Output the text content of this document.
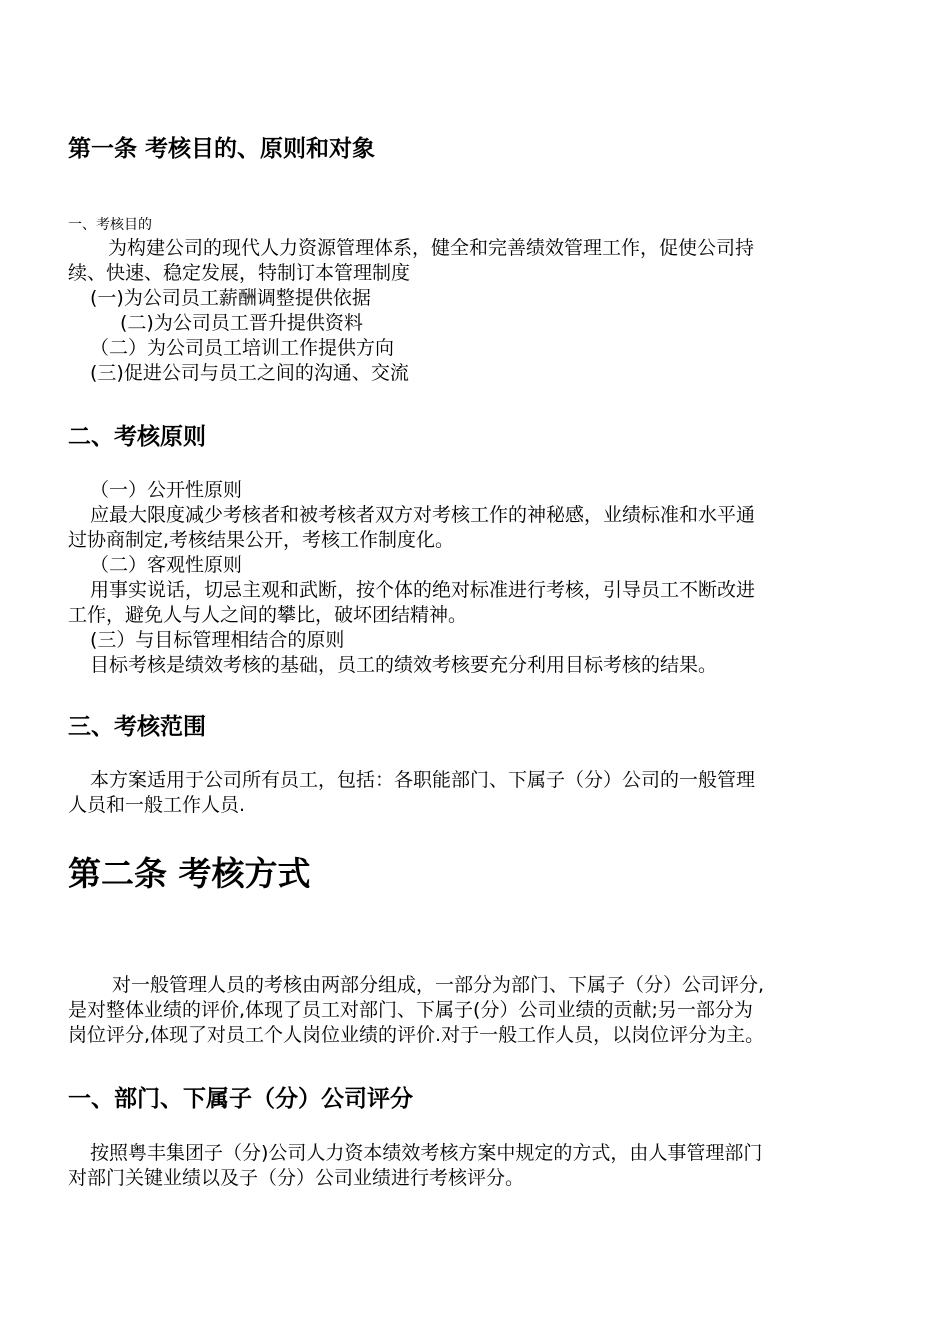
第一条 考核目的、原则和对象

一、考核目的

为构建公司的现代人力资源管理体系，健全和完善绩效管理工作，促使公司持

续、快速、稳定发展，特制订本管理制度

(一)为公司员工薪酬调整提供依据

(二)为公司员工晋升提供资料

（二）为公司员工培训工作提供方向

(三)促进公司与员工之间的沟通、交流

二、考核原则

（一）公开性原则

应最大限度减少考核者和被考核者双方对考核工作的神秘感，业绩标准和水平通

过协商制定,考核结果公开，考核工作制度化。

（二）客观性原则

用事实说话，切忌主观和武断，按个体的绝对标准进行考核，引导员工不断改进

工作，避免人与人之间的攀比，破坏团结精神。

(三）与目标管理相结合的原则

目标考核是绩效考核的基础，员工的绩效考核要充分利用目标考核的结果。

三、考核范围

本方案适用于公司所有员工，包括：各职能部门、下属子（分）公司的一般管理

人员和一般工作人员.

第二条 考核方式

对一般管理人员的考核由两部分组成，一部分为部门、下属子（分）公司评分,

是对整体业绩的评价,体现了员工对部门、下属子(分）公司业绩的贡献;另一部分为

岗位评分,体现了对员工个人岗位业绩的评价.对于一般工作人员，以岗位评分为主。

一、部门、下属子（分）公司评分

按照粤丰集团子（分)公司人力资本绩效考核方案中规定的方式，由人事管理部门

对部门关键业绩以及子（分）公司业绩进行考核评分。
